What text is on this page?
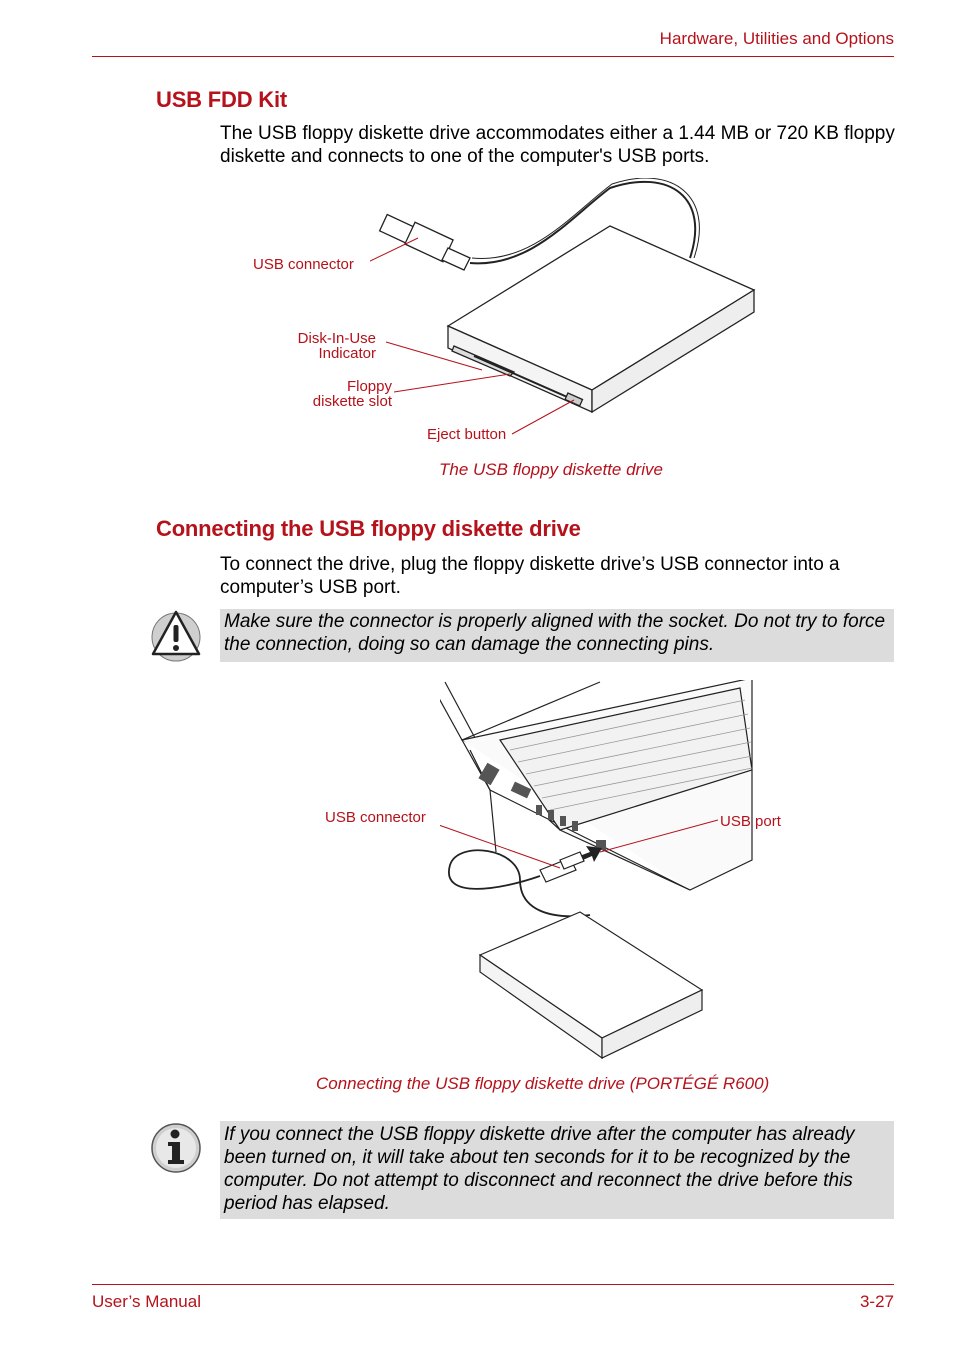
Hardware, Utilities and Options
USB FDD Kit
The USB floppy diskette drive accommodates either a 1.44 MB or 720 KB floppy diskette and connects to one of the computer's USB ports.
USB connector
Disk-In-Use
Indicator
Floppy
diskette slot
Eject button
The USB floppy diskette drive
Connecting the USB floppy diskette drive
To connect the drive, plug the floppy diskette drive’s USB connector into a computer’s USB port.
Make sure the connector is properly aligned with the socket. Do not try to force the connection, doing so can damage the connecting pins.
USB connector	USB port
Connecting the USB floppy diskette drive (PORTÉGÉ R600)
If you connect the USB floppy diskette drive after the computer has already been turned on, it will take about ten seconds for it to be recognized by the computer. Do not attempt to disconnect and reconnect the drive before this period has elapsed.
User’s Manual	3-27
